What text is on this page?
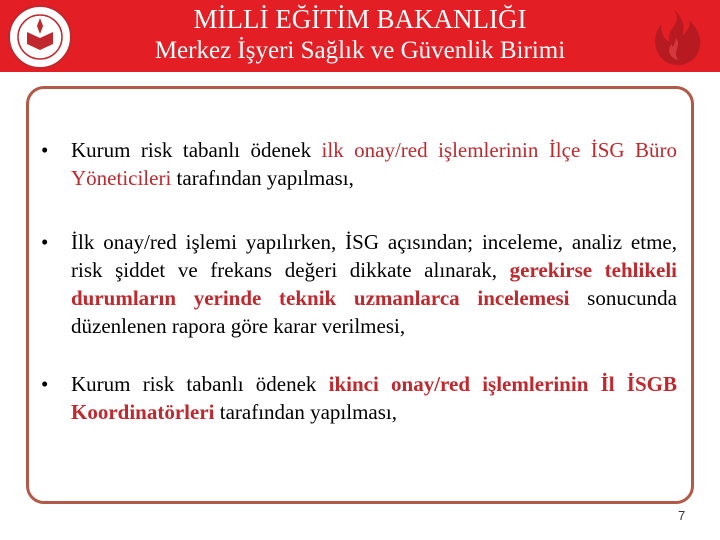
MİLLİ EĞİTİM BAKANLIĞI
Merkez İşyeri Sağlık ve Güvenlik Birimi
• Kurum risk tabanlı ödenek ilk onay/red işlemlerinin İlçe İSG Büro Yöneticileri tarafından yapılması,
• İlk onay/red işlemi yapılırken, İSG açısından; inceleme, analiz etme, risk şiddet ve frekans değeri dikkate alınarak, gerekirse tehlikeli durumların yerinde teknik uzmanlarca incelemesi sonucunda düzenlenen rapora göre karar verilmesi,
• Kurum risk tabanlı ödenek ikinci onay/red işlemlerinin İl İSGB Koordinatörleri tarafından yapılması,
7
